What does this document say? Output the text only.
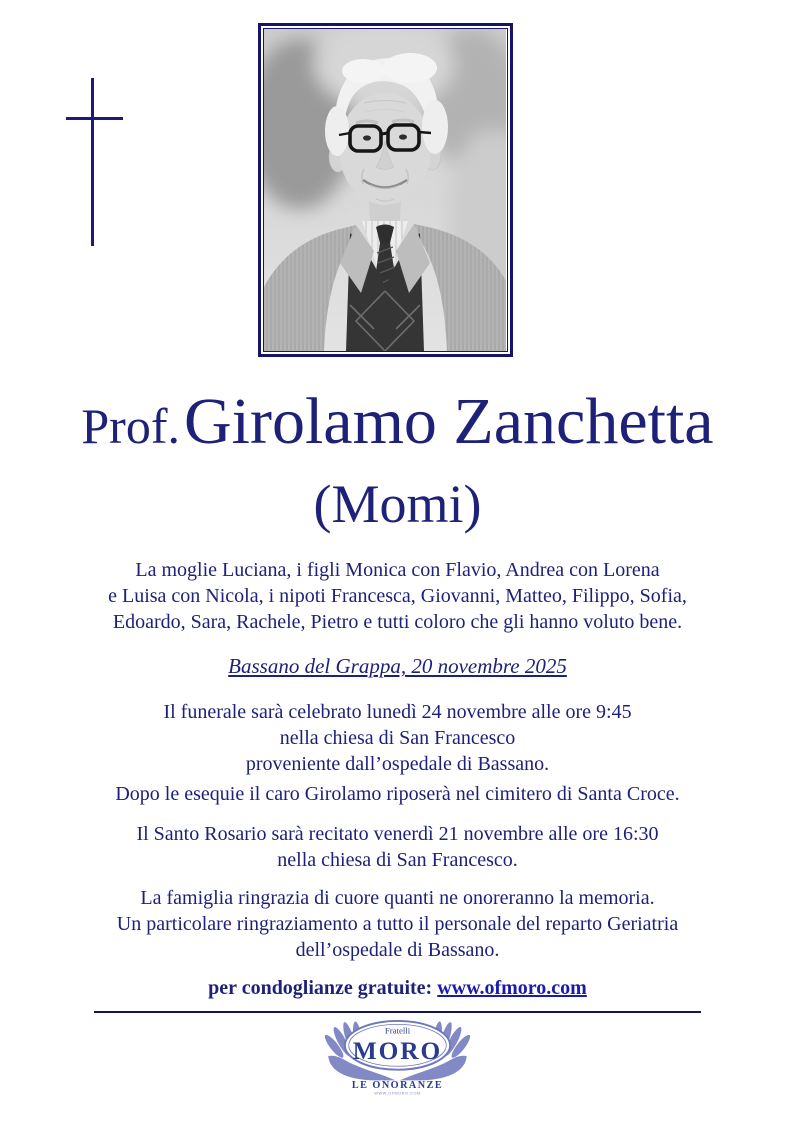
Prof. Girolamo Zanchetta
(Momi)
La moglie Luciana, i figli Monica con Flavio, Andrea con Lorena
e Luisa con Nicola, i nipoti Francesca, Giovanni, Matteo, Filippo, Sofia,
Edoardo, Sara, Rachele, Pietro e tutti coloro che gli hanno voluto bene.
Bassano del Grappa, 20 novembre 2025
Il funerale sarà celebrato lunedì 24 novembre alle ore 9:45
nella chiesa di San Francesco
proveniente dall’ospedale di Bassano.
Dopo le esequie il caro Girolamo riposerà nel cimitero di Santa Croce.
Il Santo Rosario sarà recitato venerdì 21 novembre alle ore 16:30
nella chiesa di San Francesco.
La famiglia ringrazia di cuore quanti ne onoreranno la memoria.
Un particolare ringraziamento a tutto il personale del reparto Geriatria
dell’ospedale di Bassano.
per condoglianze gratuite: www.ofmoro.com
Fratelli
MORO
LE ONORANZE
WWW.OFMORO.COM
